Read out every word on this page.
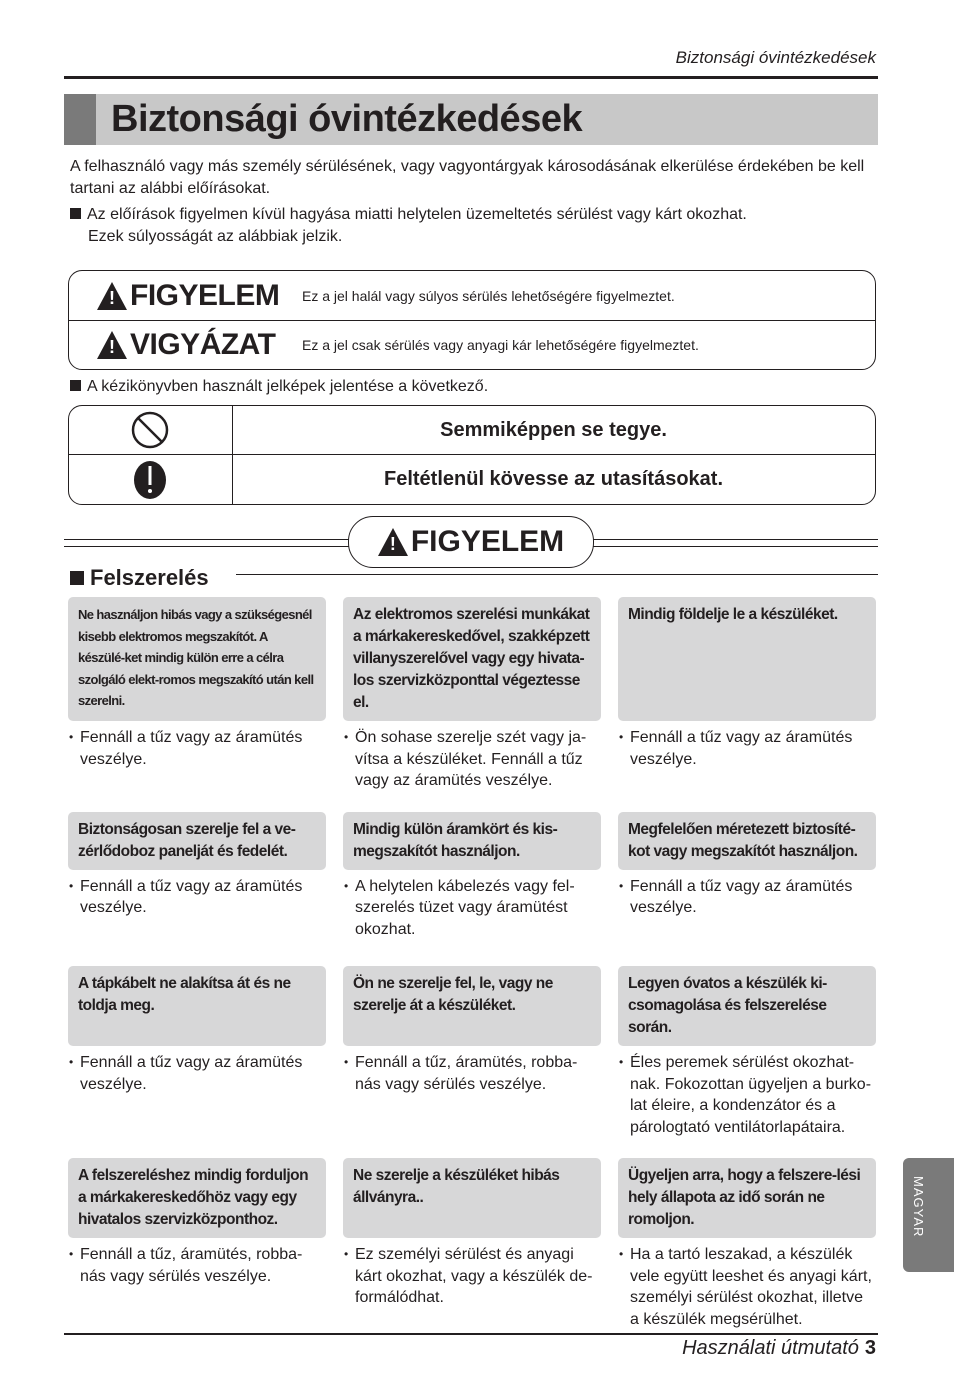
Biztonsági óvintézkedések
Biztonsági óvintézkedések
A felhasználó vagy más személy sérülésének, vagy vagyontárgyak károsodásának elkerülése érdekében be kell tartani az alábbi előírásokat.
Az előírások figyelmen kívül hagyása miatti helytelen üzemeltetés sérülést vagy kárt okozhat.
Ezek súlyosságát az alábbiak jelzik.
!
FIGYELEM Ez a jel halál vagy súlyos sérülés lehetőségére figyelmeztet.
!
VIGYÁZAT Ez a jel csak sérülés vagy anyagi kár lehetőségére figyelmeztet.
A kézikönyvben használt jelképek jelentése a következő.
Semmiképpen se tegye.
Feltétlenül kövesse az utasításokat.
!
FIGYELEM
Felszerelés
Ne használjon hibás vagy a szükségesnél kisebb elektromos megszakítót. A készülé-ket mindig külön erre a célra szolgáló elekt-romos megszakító után kell szerelni.
Az elektromos szerelési munkákat a márkakereskedővel, szakképzett villanyszerelővel vagy egy hivata-los szervizközponttal végeztesse el.
Mindig földelje le a készüléket.
• Fennáll a tűz vagy az áramütés veszélye.
• Ön sohase szerelje szét vagy ja-vítsa a készüléket. Fennáll a tűz vagy az áramütés veszélye.
• Fennáll a tűz vagy az áramütés veszélye.
Biztonságosan szerelje fel a ve-zérlődoboz panelját és fedelét.
Mindig külön áramkört és kis-megszakítót használjon.
Megfelelően méretezett biztosíté-kot vagy megszakítót használjon.
• Fennáll a tűz vagy az áramütés veszélye.
• A helytelen kábelezés vagy fel-szerelés tüzet vagy áramütést okozhat.
• Fennáll a tűz vagy az áramütés veszélye.
A tápkábelt ne alakítsa át és ne toldja meg.
Ön ne szerelje fel, le, vagy ne szerelje át a készüléket.
Legyen óvatos a készülék ki-csomagolása és felszerelése során.
• Fennáll a tűz vagy az áramütés veszélye.
• Fennáll a tűz, áramütés, robba-nás vagy sérülés veszélye.
• Éles peremek sérülést okozhat-nak. Fokozottan ügyeljen a burko-lat éleire, a kondenzátor és a párologtató ventilátorlapátaira.
A felszereléshez mindig forduljon a márkakereskedőhöz vagy egy hivatalos szervizközponthoz.
Ne szerelje a készüléket hibás állványra..
Ügyeljen arra, hogy a felszere-lési hely állapota az idő során ne romoljon.
• Fennáll a tűz, áramütés, robba-nás vagy sérülés veszélye.
• Ez személyi sérülést és anyagi kárt okozhat, vagy a készülék de-formálódhat.
• Ha a tartó leszakad, a készülék vele együtt leeshet és anyagi kárt, személyi sérülést okozhat, illetve a készülék megsérülhet.
MAGYAR
Használati útmutató 3
